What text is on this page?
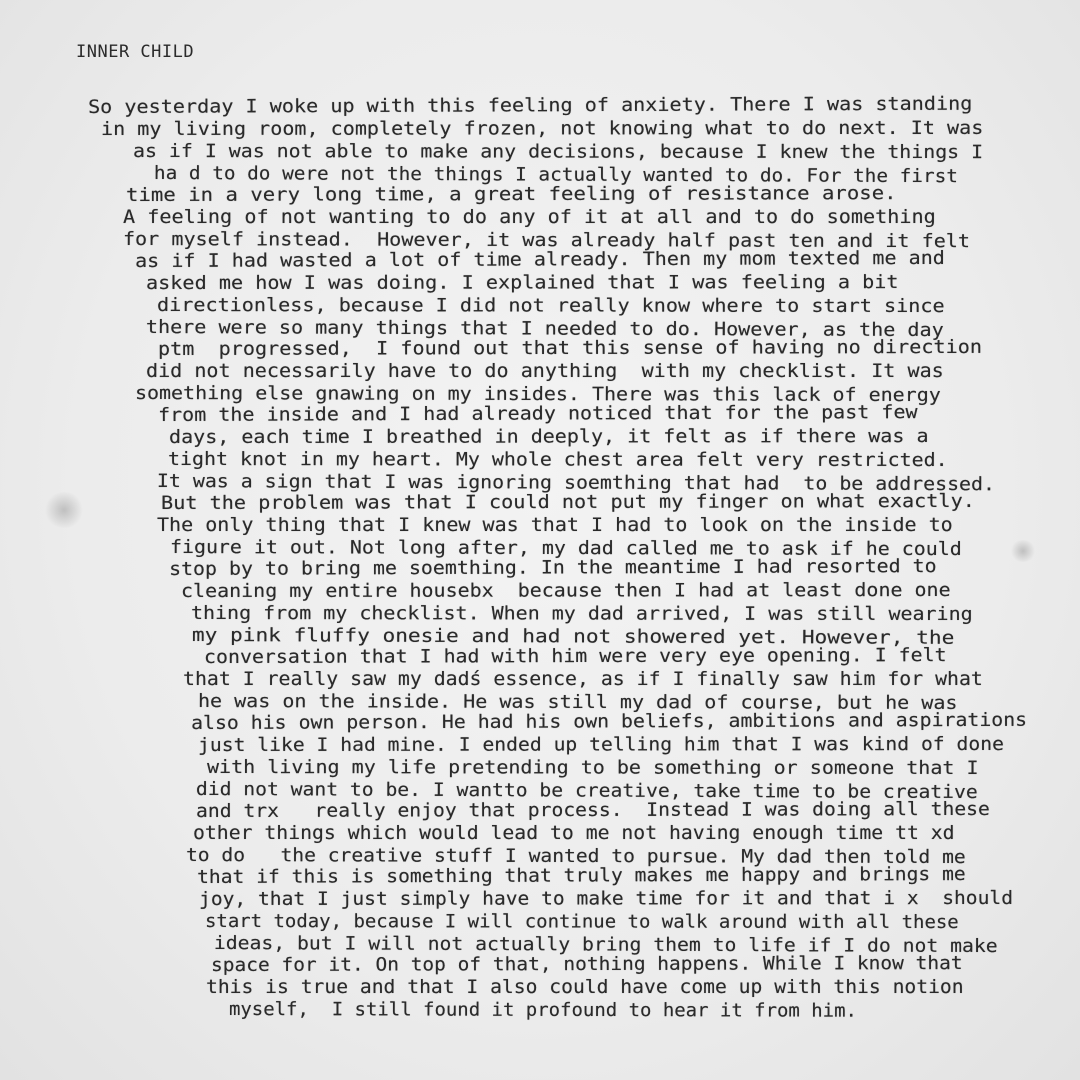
INNER CHILD
So yesterday I woke up with this feeling of anxiety. There I was standing
in my living room, completely frozen, not knowing what to do next. It was
as if I was not able to make any decisions, because I knew the things I
ha d to do were not the things I actually wanted to do. For the first
time in a very long time, a great feeling of resistance arose.
A feeling of not wanting to do any of it at all and to do something
for myself instead.  However, it was already half past ten and it felt
as if I had wasted a lot of time already. Then my mom texted me and
asked me how I was doing. I explained that I was feeling a bit
directionless, because I did not really know where to start since
there were so many things that I needed to do. However, as the day
ptm  progressed,  I found out that this sense of having no direction
did not necessarily have to do anything  with my checklist. It was
something else gnawing on my insides. There was this lack of energy
from the inside and I had already noticed that for the past few
days, each time I breathed in deeply, it felt as if there was a
tight knot in my heart. My whole chest area felt very restricted.
It was a sign that I was ignoring soemthing that had  to be addressed.
But the problem was that I could not put my finger on what exactly.
The only thing that I knew was that I had to look on the inside to
figure it out. Not long after, my dad called me to ask if he could
stop by to bring me soemthing. In the meantime I had resorted to
cleaning my entire housebx  because then I had at least done one
thing from my checklist. When my dad arrived, I was still wearing
my pink fluffy onesie and had not showered yet. However, the
conversation that I had with him were very eye opening. I felt
that I really saw my dadś essence, as if I finally saw him for what
he was on the inside. He was still my dad of course, but he was
also his own person. He had his own beliefs, ambitions and aspirations
just like I had mine. I ended up telling him that I was kind of done
with living my life pretending to be something or someone that I
did not want to be. I wantto be creative, take time to be creative
and trx   really enjoy that process.  Instead I was doing all these
other things which would lead to me not having enough time tt xd
to do   the creative stuff I wanted to pursue. My dad then told me
that if this is something that truly makes me happy and brings me
joy, that I just simply have to make time for it and that i x  should
start today, because I will continue to walk around with all these
ideas, but I will not actually bring them to life if I do not make
space for it. On top of that, nothing happens. While I know that
this is true and that I also could have come up with this notion
myself,  I still found it profound to hear it from him.
